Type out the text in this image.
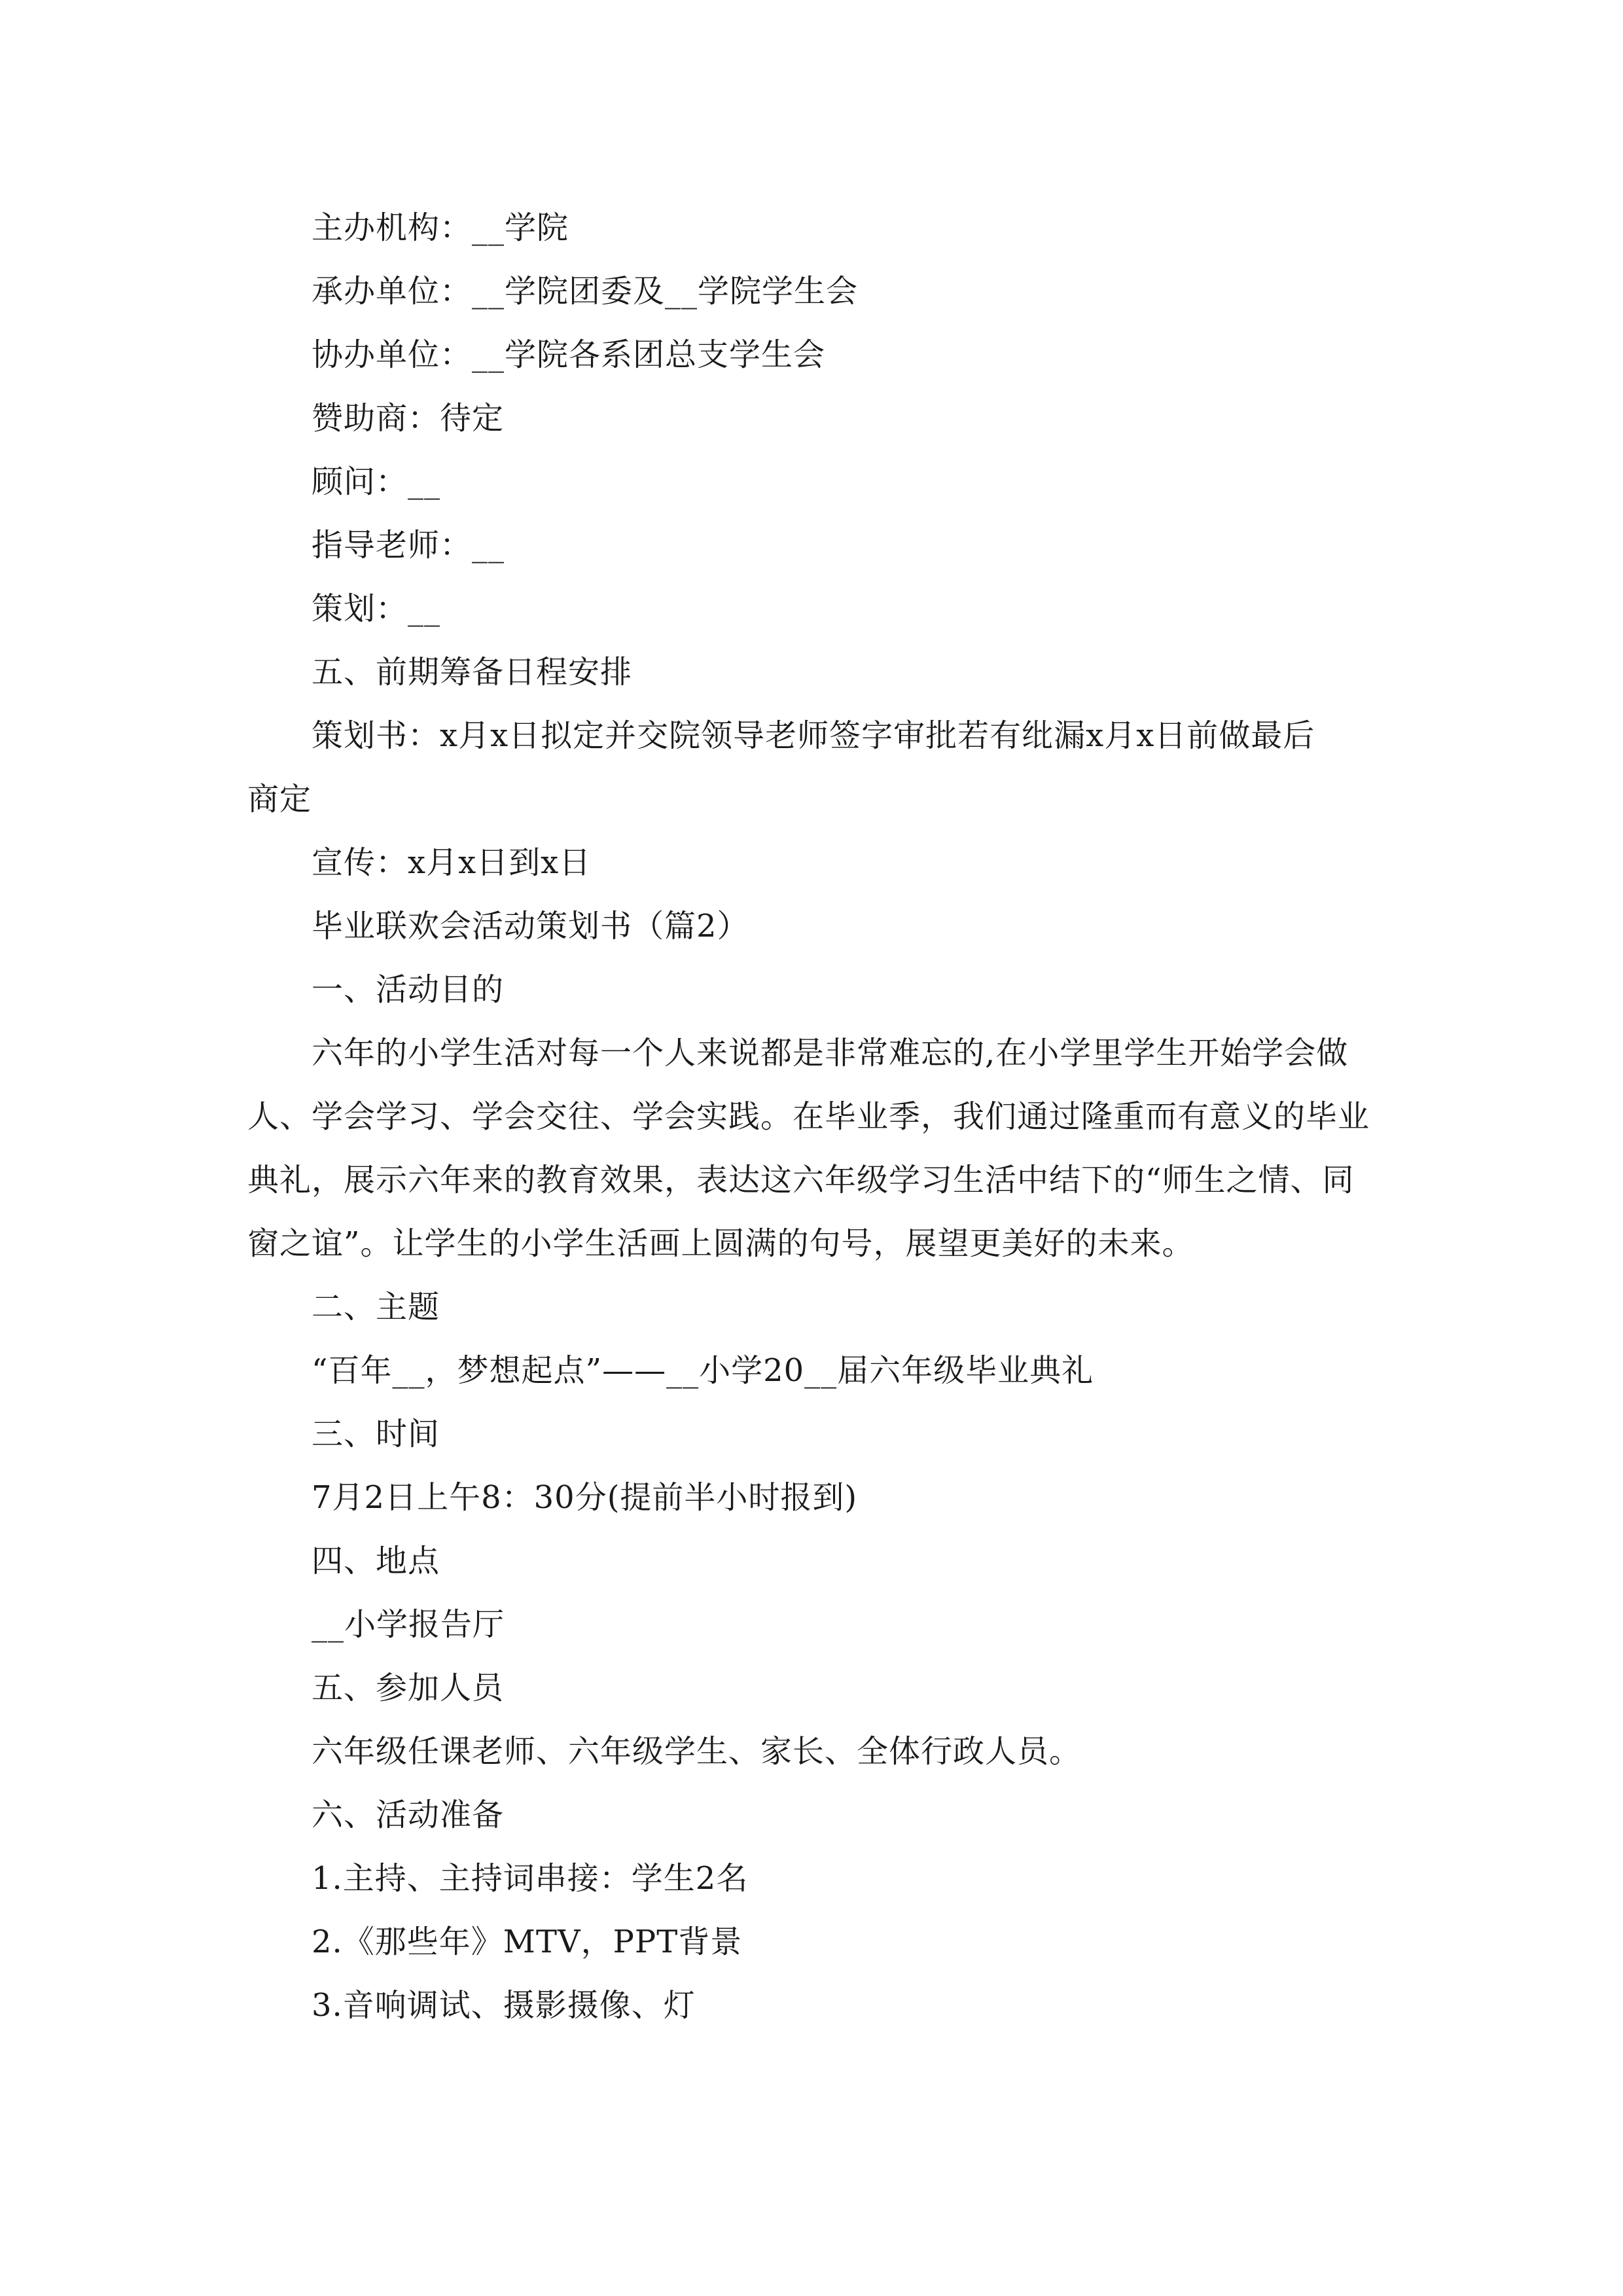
主办机构：__学院
承办单位：__学院团委及__学院学生会
协办单位：__学院各系团总支学生会
赞助商：待定
顾问：__
指导老师：__
策划：__
五、前期筹备日程安排
策划书：x月x日拟定并交院领导老师签字审批若有纰漏x月x日前做最后
商定
宣传：x月x日到x日
毕业联欢会活动策划书（篇2）
一、活动目的
六年的小学生活对每一个人来说都是非常难忘的,在小学里学生开始学会做
人、学会学习、学会交往、学会实践。在毕业季，我们通过隆重而有意义的毕业
典礼，展示六年来的教育效果，表达这六年级学习生活中结下的“师生之情、同
窗之谊”。让学生的小学生活画上圆满的句号，展望更美好的未来。
二、主题
“百年__，梦想起点”——__小学20__届六年级毕业典礼
三、时间
7月2日上午8：30分(提前半小时报到)
四、地点
__小学报告厅
五、参加人员
六年级任课老师、六年级学生、家长、全体行政人员。
六、活动准备
1.主持、主持词串接：学生2名
2.《那些年》MTV，PPT背景
3.音响调试、摄影摄像、灯
